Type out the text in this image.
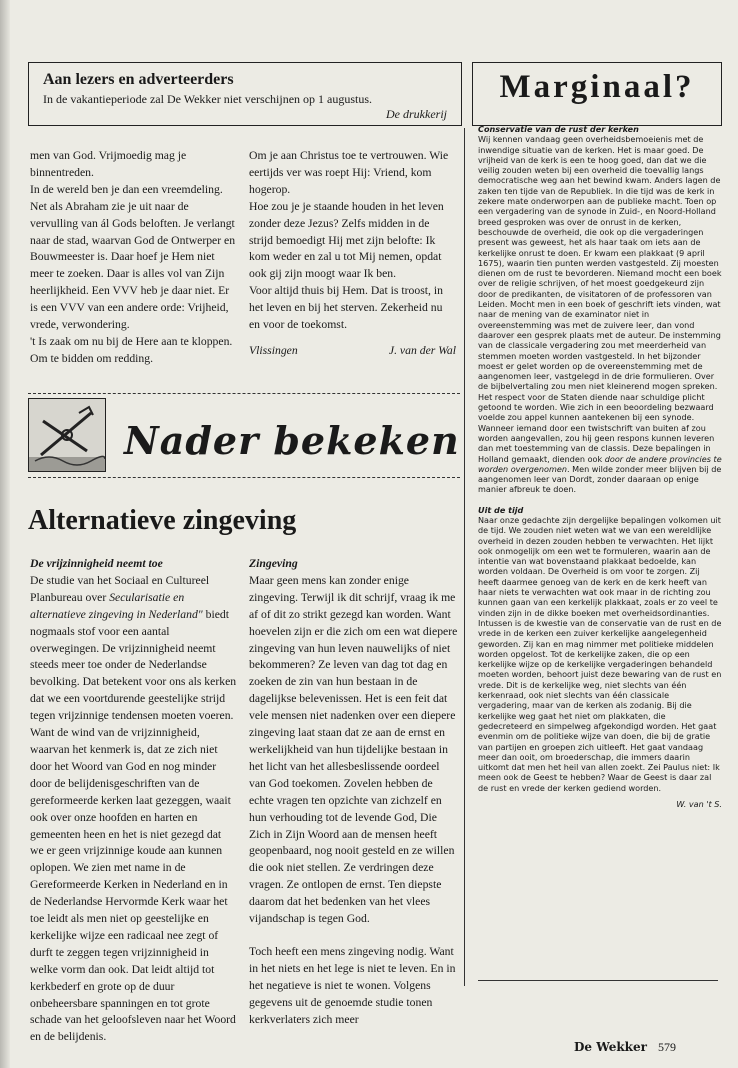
Aan lezers en adverteerders
In de vakantieperiode zal De Wekker niet verschijnen op 1 augustus.
De drukkerij
Marginaal?

men van God. Vrijmoedig mag je binnentreden.

In de wereld ben je dan een vreemdeling. Net als Abraham zie je uit naar de vervulling van ál Gods beloften. Je verlangt naar de stad, waarvan God de Ontwerper en Bouwmeester is. Daar hoef je Hem niet meer te zoeken. Daar is alles vol van Zijn heerlijkheid. Een VVV heb je daar niet. Er is een VVV van een andere orde: Vrijheid, vrede, verwondering.

't Is zaak om nu bij de Here aan te kloppen. Om te bidden om redding.

Om je aan Christus toe te vertrouwen. Wie eertijds ver was roept Hij: Vriend, kom hogerop.

Hoe zou je je staande houden in het leven zonder deze Jezus? Zelfs midden in de strijd bemoedigt Hij met zijn belofte: Ik kom weder en zal u tot Mij nemen, opdat ook gij zijn moogt waar Ik ben.

Voor altijd thuis bij Hem. Dat is troost, in het leven en bij het sterven. Zekerheid nu en voor de toekomst.

Vlissingen	J. van der Wal
Nader bekeken
Alternatieve zingeving

De vrijzinnigheid neemt toe

De studie van het Sociaal en Cultureel Planbureau over Secularisatie en alternatieve zingeving in Nederland" biedt nogmaals stof voor een aantal overwegingen. De vrijzinnigheid neemt steeds meer toe onder de Nederlandse bevolking. Dat betekent voor ons als kerken dat we een voortdurende geestelijke strijd tegen vrijzinnige tendensen moeten voeren. Want de wind van de vrijzinnigheid, waarvan het kenmerk is, dat ze zich niet door het Woord van God en nog minder door de belijdenisgeschriften van de gereformeerde kerken laat gezeggen, waait ook over onze hoofden en harten en gemeenten heen en het is niet gezegd dat we er geen vrijzinnige koude aan kunnen oplopen. We zien met name in de Gereformeerde Kerken in Nederland en in de Nederlandse Hervormde Kerk waar het toe leidt als men niet op geestelijke en kerkelijke wijze een radicaal nee zegt of durft te zeggen tegen vrijzinnigheid in welke vorm dan ook. Dat leidt altijd tot kerkbederf en grote op de duur onbeheersbare spanningen en tot grote schade van het geloofsleven naar het Woord en de belijdenis.

Zingeving

Maar geen mens kan zonder enige zingeving. Terwijl ik dit schrijf, vraag ik me af of dit zo strikt gezegd kan worden. Want hoevelen zijn er die zich om een wat diepere zingeving van hun leven nauwelijks of niet bekommeren? Ze leven van dag tot dag en zoeken de zin van hun bestaan in de dagelijkse belevenissen. Het is een feit dat vele mensen niet nadenken over een diepere zingeving laat staan dat ze aan de ernst en werkelijkheid van hun tijdelijke bestaan in het licht van het allesbeslissende oordeel van God toekomen. Zovelen hebben de echte vragen ten opzichte van zichzelf en hun verhouding tot de levende God, Die Zich in Zijn Woord aan de mensen heeft geopenbaard, nog nooit gesteld en ze willen die ook niet stellen. Ze verdringen deze vragen. Ze ontlopen de ernst. Ten diepste daarom dat het bedenken van het vlees vijandschap is tegen God.

Toch heeft een mens zingeving nodig. Want in het niets en het lege is niet te leven. En in het negatieve is niet te wonen. Volgens gegevens uit de genoemde studie tonen kerkverlaters zich meer

Conservatie van de rust der kerken

Wij kennen vandaag geen overheidsbemoeienis met de inwendige situatie van de kerken. Het is maar goed. De vrijheid van de kerk is een te hoog goed, dan dat we die veilig zouden weten bij een overheid die toevallig langs democratische weg aan het bewind kwam. Anders lagen de zaken ten tijde van de Republiek. In die tijd was de kerk in zekere mate onderworpen aan de publieke macht. Toen op een vergadering van de synode in Zuid-, en Noord-Holland breed gesproken was over de onrust in de kerken, beschouwde de overheid, die ook op die vergaderingen present was geweest, het als haar taak om iets aan de kerkelijke onrust te doen. Er kwam een plakkaat (9 april 1675), waarin tien punten werden vastgesteld. Zij moesten dienen om de rust te bevorderen. Niemand mocht een boek over de religie schrijven, of het moest goedgekeurd zijn door de predikanten, de visitatoren of de professoren van Leiden. Mocht men in een boek of geschrift iets vinden, wat naar de mening van de examinator niet in overeenstemming was met de zuivere leer, dan vond daarover een gesprek plaats met de auteur. De instemming van de classicale vergadering zou met meerderheid van stemmen moeten worden vastgesteld. In het bijzonder moest er gelet worden op de overeenstemming met de aangenomen leer, vastgelegd in de drie formulieren. Over de bijbelvertaling zou men niet kleinerend mogen spreken. Het respect voor de Staten diende naar schuldige plicht getoond te worden. Wie zich in een beoordeling bezwaard voelde zou appel kunnen aantekenen bij een synode. Wanneer iemand door een twistschrift van buiten af zou worden aangevallen, zou hij geen respons kunnen leveren dan met toestemming van de classis. Deze bepalingen in Holland gemaakt, dienden ook door de andere provincies te worden overgenomen. Men wilde zonder meer blijven bij de aangenomen leer van Dordt, zonder daaraan op enige manier afbreuk te doen.

Uit de tijd

Naar onze gedachte zijn dergelijke bepalingen volkomen uit de tijd. We zouden niet weten wat we van een wereldlijke overheid in dezen zouden hebben te verwachten. Het lijkt ook onmogelijk om een wet te formuleren, waarin aan de intentie van wat bovenstaand plakkaat bedoelde, kan worden voldaan. De Overheid is om voor te zorgen. Zij heeft daarmee genoeg van de kerk en de kerk heeft van haar niets te verwachten wat ook maar in de richting zou kunnen gaan van een kerkelijk plakkaat, zoals er zo veel te vinden zijn in de dikke boeken met overheidsordinanties. Intussen is de kwestie van de conservatie van de rust en de vrede in de kerken een zuiver kerkelijke aangelegenheid geworden. Zij kan en mag nimmer met politieke middelen worden opgelost. Tot de kerkelijke zaken, die op een kerkelijke wijze op de kerkelijke vergaderingen behandeld moeten worden, behoort juist deze bewaring van de rust en vrede. Dit is de kerkelijke weg, niet slechts van één kerkenraad, ook niet slechts van één classicale vergadering, maar van de kerken als zodanig. Bij die kerkelijke weg gaat het niet om plakkaten, die gedecreteerd en simpelweg afgekondigd worden. Het gaat evenmin om de politieke wijze van doen, die bij de gratie van partijen en groepen zich uitleeft. Het gaat vandaag meer dan ooit, om broederschap, die immers daarin uitkomt dat men het heil van allen zoekt. Zei Paulus niet: Ik meen ook de Geest te hebben? Waar de Geest is daar zal de rust en vrede der kerken gediend worden.

W. van 't S.

De Wekker 579
